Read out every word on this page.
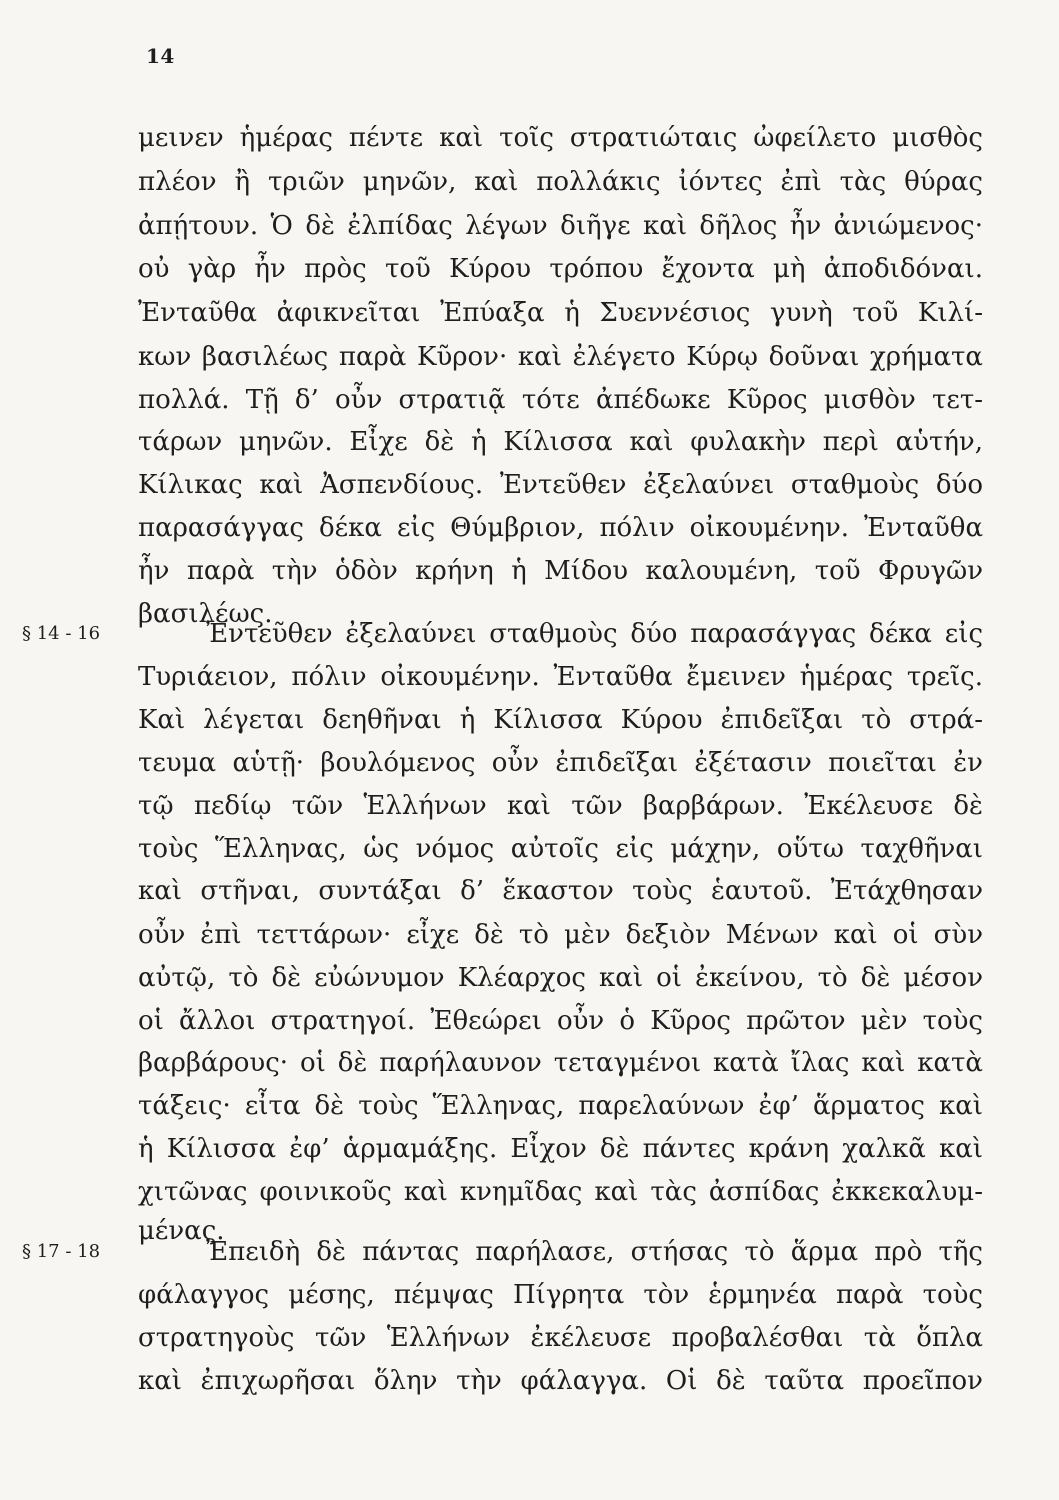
14
§ 14 - 16
§ 17 - 18
μεινεν ἡμέρας πέντε καὶ τοῖς στρατιώταις ὠφείλετο μισθὸς
πλέον ἢ τριῶν μηνῶν, καὶ πολλάκις ἰόντες ἐπὶ τὰς θύρας
ἀπῄτουν. Ὁ δὲ ἐλπίδας λέγων διῆγε καὶ δῆλος ἦν ἀνιώμενος·
οὐ γὰρ ἦν πρὸς τοῦ Κύρου τρόπου ἔχοντα μὴ ἀποδιδόναι.
Ἐνταῦθα ἀφικνεῖται Ἐπύαξα ἡ Συεννέσιος γυνὴ τοῦ Κιλί-
κων βασιλέως παρὰ Κῦρον· καὶ ἐλέγετο Κύρῳ δοῦναι χρήματα
πολλά. Τῇ δ’ οὖν στρατιᾷ τότε ἀπέδωκε Κῦρος μισθὸν τετ-
τάρων μηνῶν. Εἶχε δὲ ἡ Κίλισσα καὶ φυλακὴν περὶ αὑτήν,
Κίλικας καὶ Ἀσπενδίους. Ἐντεῦθεν ἐξελαύνει σταθμοὺς δύο
παρασάγγας δέκα εἰς Θύμβριον, πόλιν οἰκουμένην. Ἐνταῦθα
ἦν παρὰ τὴν ὁδὸν κρήνη ἡ Μίδου καλουμένη, τοῦ Φρυγῶν
βασιλέως.
Ἐντεῦθεν ἐξελαύνει σταθμοὺς δύο παρασάγγας δέκα εἰς
Τυριάειον, πόλιν οἰκουμένην. Ἐνταῦθα ἔμεινεν ἡμέρας τρεῖς.
Καὶ λέγεται δεηθῆναι ἡ Κίλισσα Κύρου ἐπιδεῖξαι τὸ στρά-
τευμα αὑτῇ· βουλόμενος οὖν ἐπιδεῖξαι ἐξέτασιν ποιεῖται ἐν
τῷ πεδίῳ τῶν Ἑλλήνων καὶ τῶν βαρβάρων. Ἐκέλευσε δὲ
τοὺς Ἕλληνας, ὡς νόμος αὐτοῖς εἰς μάχην, οὕτω ταχθῆναι
καὶ στῆναι, συντάξαι δ’ ἕκαστον τοὺς ἑαυτοῦ. Ἐτάχθησαν
οὖν ἐπὶ τεττάρων· εἶχε δὲ τὸ μὲν δεξιὸν Μένων καὶ οἱ σὺν
αὐτῷ, τὸ δὲ εὐώνυμον Κλέαρχος καὶ οἱ ἐκείνου, τὸ δὲ μέσον
οἱ ἄλλοι στρατηγοί. Ἐθεώρει οὖν ὁ Κῦρος πρῶτον μὲν τοὺς
βαρβάρους· οἱ δὲ παρήλαυνον τεταγμένοι κατὰ ἴλας καὶ κατὰ
τάξεις· εἶτα δὲ τοὺς Ἕλληνας, παρελαύνων ἐφ’ ἅρματος καὶ
ἡ Κίλισσα ἐφ’ ἁρμαμάξης. Εἶχον δὲ πάντες κράνη χαλκᾶ καὶ
χιτῶνας φοινικοῦς καὶ κνημῖδας καὶ τὰς ἀσπίδας ἐκκεκαλυμ-
μένας.
Ἐπειδὴ δὲ πάντας παρήλασε, στήσας τὸ ἅρμα πρὸ τῆς
φάλαγγος μέσης, πέμψας Πίγρητα τὸν ἑρμηνέα παρὰ τοὺς
στρατηγοὺς τῶν Ἑλλήνων ἐκέλευσε προβαλέσθαι τὰ ὅπλα
καὶ ἐπιχωρῆσαι ὅλην τὴν φάλαγγα. Οἱ δὲ ταῦτα προεῖπον
